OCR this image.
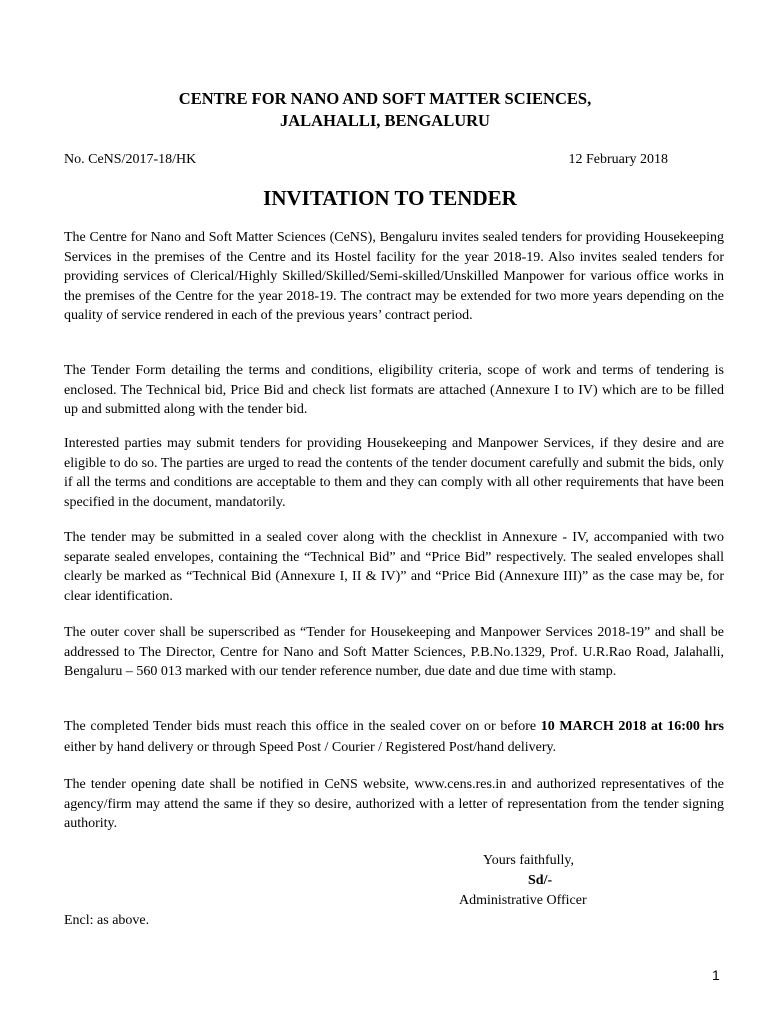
CENTRE FOR NANO AND SOFT MATTER SCIENCES,
JALAHALLI, BENGALURU
No. CeNS/2017-18/HK	12 February 2018
INVITATION TO TENDER

The Centre for Nano and Soft Matter Sciences (CeNS), Bengaluru invites sealed tenders for providing Housekeeping Services in the premises of the Centre and its Hostel facility for the year 2018-19. Also invites sealed tenders for providing services of Clerical/Highly Skilled/Skilled/Semi-skilled/Unskilled Manpower for various office works in the premises of the Centre for the year 2018-19. The contract may be extended for two more years depending on the quality of service rendered in each of the previous years’ contract period.

The Tender Form detailing the terms and conditions, eligibility criteria, scope of work and terms of tendering is enclosed. The Technical bid, Price Bid and check list formats are attached (Annexure I to IV) which are to be filled up and submitted along with the tender bid.

Interested parties may submit tenders for providing Housekeeping and Manpower Services, if they desire and are eligible to do so. The parties are urged to read the contents of the tender document carefully and submit the bids, only if all the terms and conditions are acceptable to them and they can comply with all other requirements that have been specified in the document, mandatorily.

The tender may be submitted in a sealed cover along with the checklist in Annexure - IV, accompanied with two separate sealed envelopes, containing the “Technical Bid” and “Price Bid” respectively. The sealed envelopes shall clearly be marked as “Technical Bid (Annexure I, II & IV)” and “Price Bid (Annexure III)” as the case may be, for clear identification.

The outer cover shall be superscribed as “Tender for Housekeeping and Manpower Services 2018-19” and shall be addressed to The Director, Centre for Nano and Soft Matter Sciences, P.B.No.1329, Prof. U.R.Rao Road, Jalahalli, Bengaluru – 560 013 marked with our tender reference number, due date and due time with stamp.

The completed Tender bids must reach this office in the sealed cover on or before 10 MARCH 2018 at 16:00 hrs either by hand delivery or through Speed Post / Courier / Registered Post/hand delivery.

The tender opening date shall be notified in CeNS website, www.cens.res.in and authorized representatives of the agency/firm may attend the same if they so desire, authorized with a letter of representation from the tender signing authority.

Yours faithfully,
Sd/-
Administrative Officer
Encl: as above.
1
